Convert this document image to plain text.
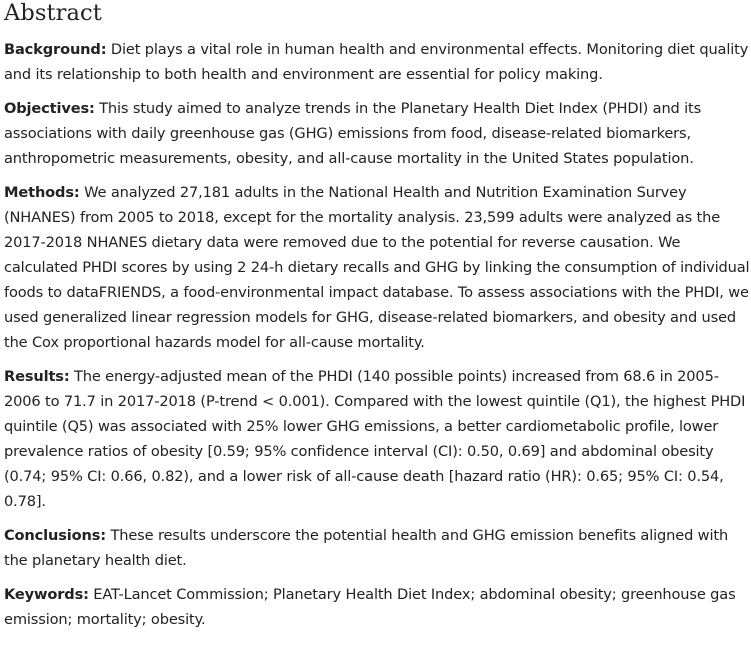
Abstract

Background: Diet plays a vital role in human health and environmental effects. Monitoring diet quality and its relationship to both health and environment are essential for policy making.

Objectives: This study aimed to analyze trends in the Planetary Health Diet Index (PHDI) and its associations with daily greenhouse gas (GHG) emissions from food, disease-related biomarkers, anthropometric measurements, obesity, and all-cause mortality in the United States population.

Methods: We analyzed 27,181 adults in the National Health and Nutrition Examination Survey (NHANES) from 2005 to 2018, except for the mortality analysis. 23,599 adults were analyzed as the 2017-2018 NHANES dietary data were removed due to the potential for reverse causation. We calculated PHDI scores by using 2 24-h dietary recalls and GHG by linking the consumption of individual foods to dataFRIENDS, a food-environmental impact database. To assess associations with the PHDI, we used generalized linear regression models for GHG, disease-related biomarkers, and obesity and used the Cox proportional hazards model for all-cause mortality.

Results: The energy-adjusted mean of the PHDI (140 possible points) increased from 68.6 in 2005-2006 to 71.7 in 2017-2018 (P-trend < 0.001). Compared with the lowest quintile (Q1), the highest PHDI quintile (Q5) was associated with 25% lower GHG emissions, a better cardiometabolic profile, lower prevalence ratios of obesity [0.59; 95% confidence interval (CI): 0.50, 0.69] and abdominal obesity (0.74; 95% CI: 0.66, 0.82), and a lower risk of all-cause death [hazard ratio (HR): 0.65; 95% CI: 0.54, 0.78].

Conclusions: These results underscore the potential health and GHG emission benefits aligned with the planetary health diet.

Keywords: EAT-Lancet Commission; Planetary Health Diet Index; abdominal obesity; greenhouse gas emission; mortality; obesity.
